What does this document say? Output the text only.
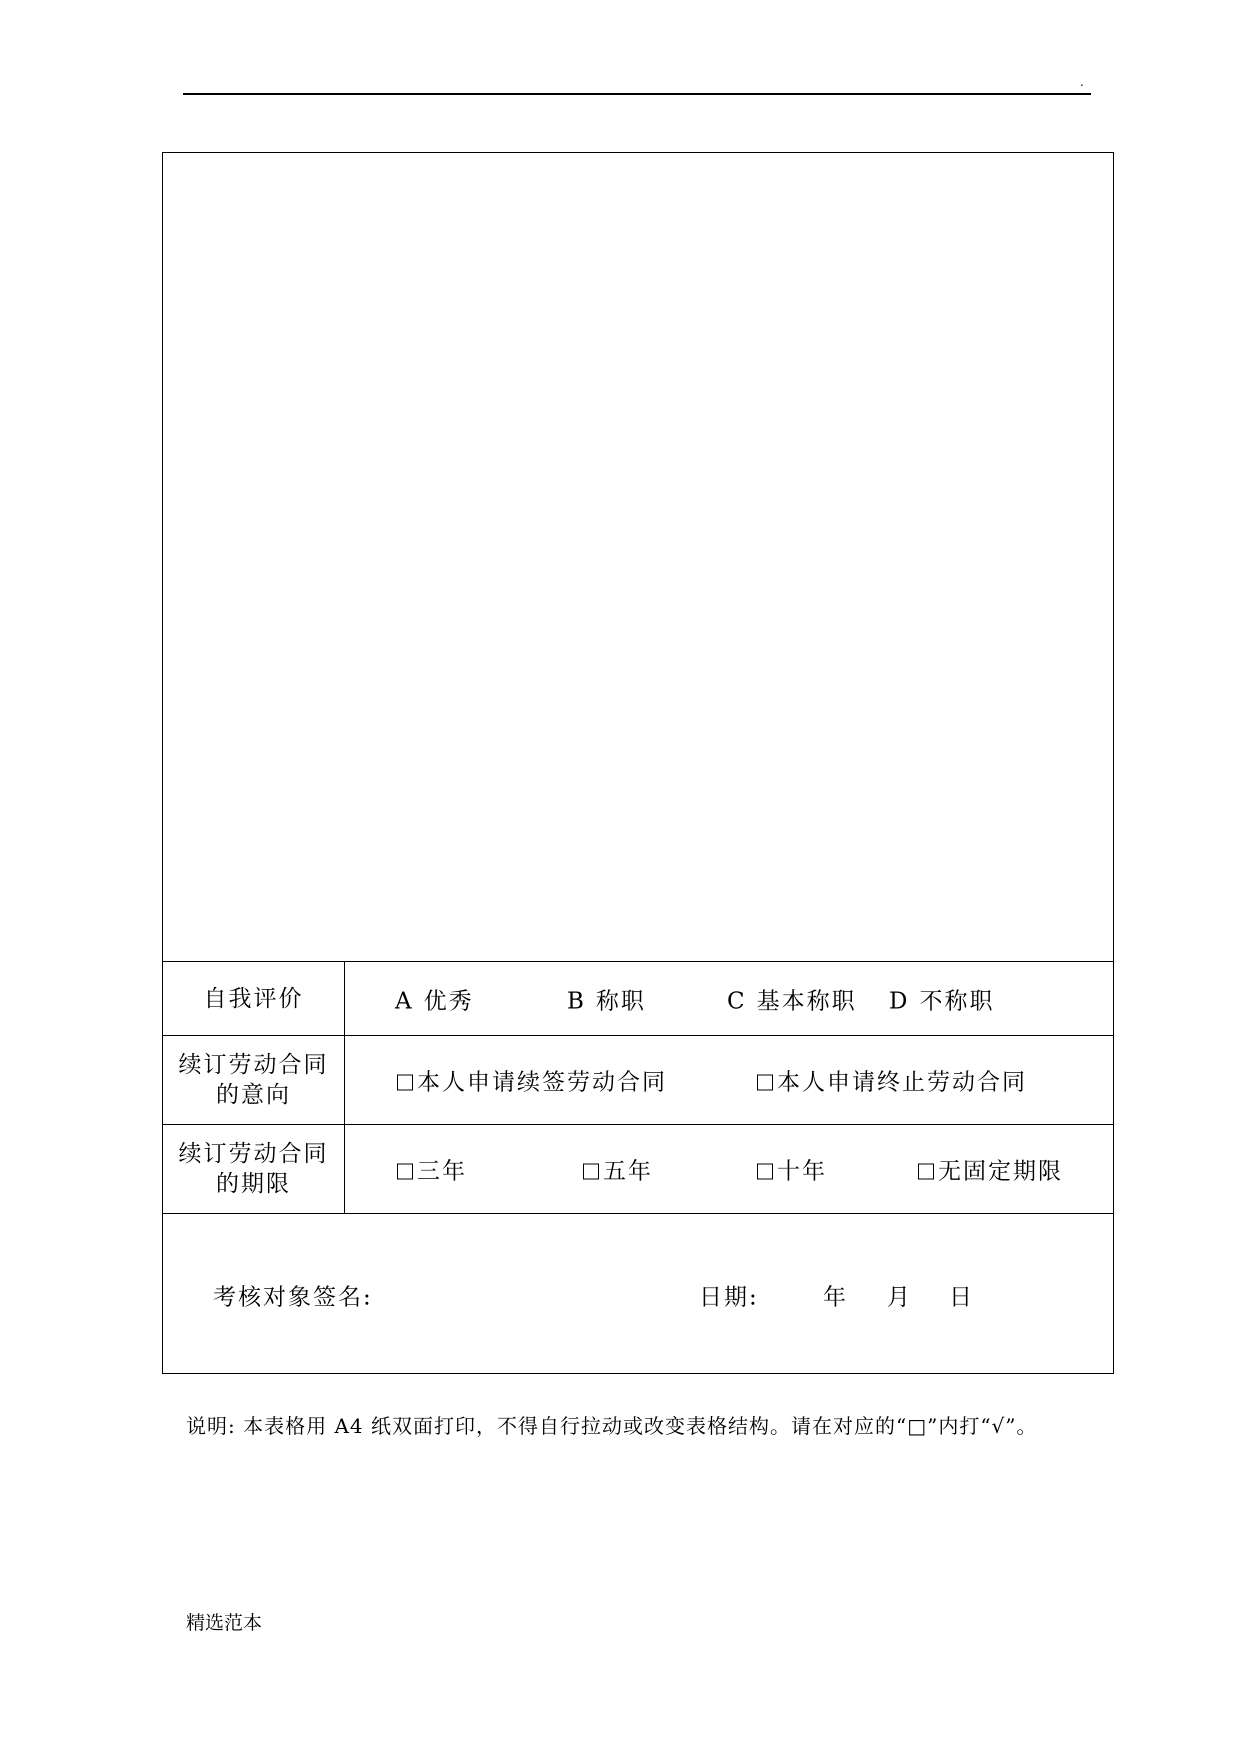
.
自我评价	A 优秀	B 称职	C 基本称职 D 不称职
续订劳动合同
的意向	本人申请续签劳动合同	本人申请终止劳动合同
续订劳动合同
的期限	三年	五年	十年	无固定期限
考核对象签名:	日期:	年 月 日
说明: 本表格用 A4 纸双面打印，不得自行拉动或改变表格结构。请在对应的“□”内打“√”。
精选范本
